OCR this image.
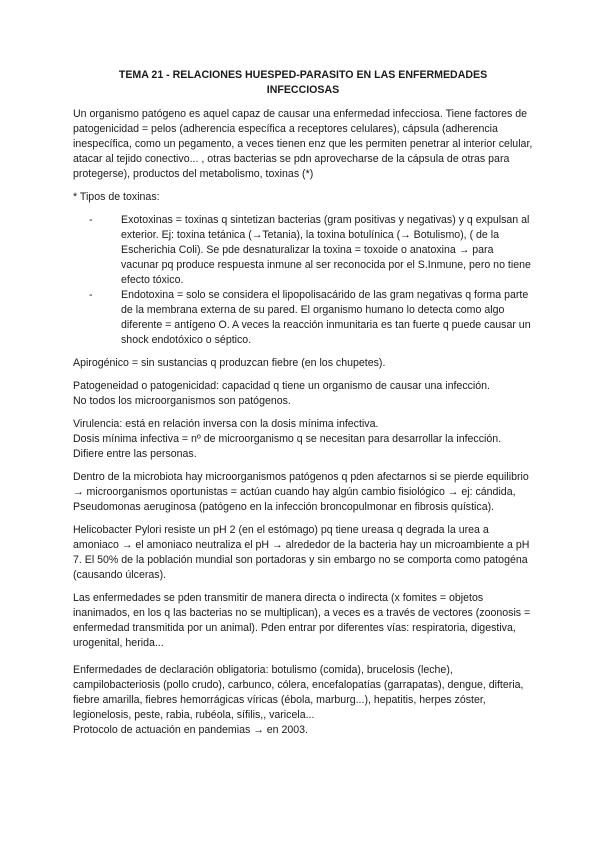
TEMA 21 - RELACIONES HUESPED-PARASITO EN LAS ENFERMEDADES INFECCIOSAS

Un organismo patógeno es aquel capaz de causar una enfermedad infecciosa. Tiene factores de patogenicidad = pelos (adherencia específica a receptores celulares), cápsula (adherencia inespecífica, como un pegamento, a veces tienen enz que les permiten penetrar al interior celular, atacar al tejido conectivo... , otras bacterias se pdn aprovecharse de la cápsula de otras para protegerse), productos del metabolismo, toxinas (*)

* Tipos de toxinas:

-	Exotoxinas = toxinas q sintetizan bacterias (gram positivas y negativas) y q expulsan al exterior. Ej: toxina tetánica (→Tetania), la toxina botulínica (→ Botulismo), ( de la Escherichia Coli). Se pde desnaturalizar la toxina = toxoide o anatoxina → para vacunar pq produce respuesta inmune al ser reconocida por el S.Inmune, pero no tiene efecto tóxico.
-	Endotoxina = solo se considera el lipopolisacárido de las gram negativas q forma parte de la membrana externa de su pared. El organismo humano lo detecta como algo diferente = antígeno O. A veces la reacción inmunitaria es tan fuerte q puede causar un shock endotóxico o séptico.

Apirogénico = sin sustancias q produzcan fiebre (en los chupetes).

Patogeneidad o patogenicidad: capacidad q tiene un organismo de causar una infección.
No todos los microorganismos son patógenos.

Virulencia: está en relación inversa con la dosis mínima infectiva.
Dosis mínima infectiva = nº de microorganismo q se necesitan para desarrollar la infección. Difiere entre las personas.

Dentro de la microbiota hay microorganismos patógenos q pden afectarnos si se pierde equilibrio → microorganismos oportunistas = actúan cuando hay algún cambio fisiológico → ej: cándida, Pseudomonas aeruginosa (patógeno en la infección broncopulmonar en fibrosis quística).

Helicobacter Pylori resiste un pH 2 (en el estómago) pq tiene ureasa q degrada la urea a amoniaco → el amoniaco neutraliza el pH → alrededor de la bacteria hay un microambiente a pH 7. El 50% de la población mundial son portadoras y sin embargo no se comporta como patogéna (causando úlceras).

Las enfermedades se pden transmitir de manera directa o indirecta (x fomites = objetos inanimados, en los q las bacterias no se multiplican), a veces es a través de vectores (zoonosis = enfermedad transmitida por un animal). Pden entrar por diferentes vías: respiratoria, digestiva, urogenital, herida...

Enfermedades de declaración obligatoria: botulismo (comida), brucelosis (leche), campilobacteriosis (pollo crudo), carbunco, cólera, encefalopatías (garrapatas), dengue, difteria, fiebre amarilla, fiebres hemorrágicas víricas (ébola, marburg...), hepatitis, herpes zóster, legionelosis, peste, rabia, rubéola, sífilis,, varicela...
Protocolo de actuación en pandemias → en 2003.
